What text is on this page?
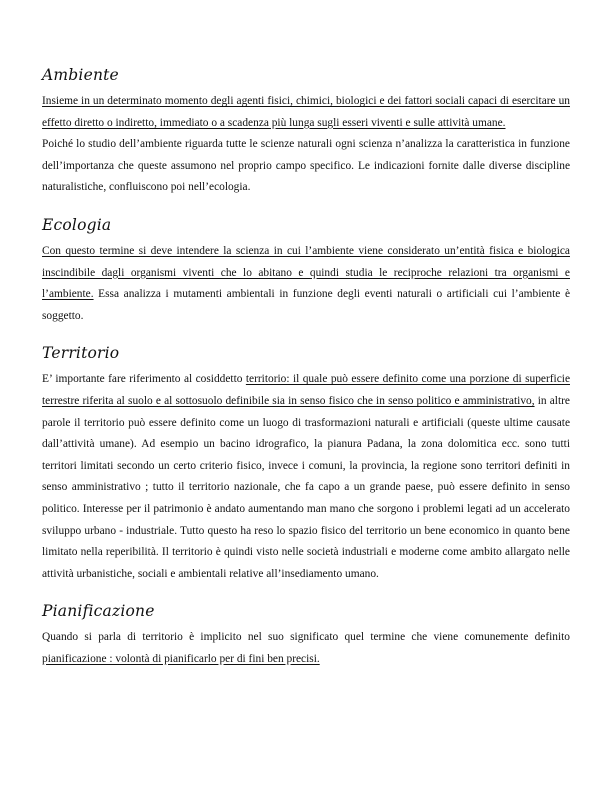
Ambiente

Insieme in un determinato momento degli agenti fisici, chimici, biologici e dei fattori sociali capaci di esercitare un effetto diretto o indiretto, immediato o a scadenza più lunga sugli esseri viventi e sulle attività umane.

Poiché lo studio dell’ambiente riguarda tutte le scienze naturali ogni scienza n’analizza la caratteristica in funzione dell’importanza che queste assumono nel proprio campo specifico. Le indicazioni fornite dalle diverse discipline naturalistiche, confluiscono poi nell’ecologia.

Ecologia

Con questo termine si deve intendere la scienza in cui l’ambiente viene considerato un’entità fisica e biologica inscindibile dagli organismi viventi che lo abitano e quindi studia le reciproche relazioni tra organismi e l’ambiente. Essa analizza i mutamenti ambientali in funzione degli eventi naturali o artificiali cui l’ambiente è soggetto.

Territorio

E’ importante fare riferimento al cosiddetto territorio: il quale può essere definito come una porzione di superficie terrestre riferita al suolo e al sottosuolo definibile sia in senso fisico che in senso politico e amministrativo, in altre parole il territorio può essere definito come un luogo di trasformazioni naturali e artificiali (queste ultime causate dall’attività umane). Ad esempio un bacino idrografico, la pianura Padana, la zona dolomitica ecc. sono tutti territori limitati secondo un certo criterio fisico, invece i comuni, la provincia, la regione sono territori definiti in senso amministrativo ; tutto il territorio nazionale, che fa capo a un grande paese, può essere definito in senso politico. Interesse per il patrimonio è andato aumentando man mano che sorgono i problemi legati ad un accelerato sviluppo urbano - industriale. Tutto questo ha reso lo spazio fisico del territorio un bene economico in quanto bene limitato nella reperibilità. Il territorio è quindi visto nelle società industriali e moderne come ambito allargato nelle attività urbanistiche, sociali e ambientali relative all’insediamento umano.

Pianificazione

Quando si parla di territorio è implicito nel suo significato quel termine che viene comunemente definito pianificazione : volontà di pianificarlo per di fini ben precisi.
